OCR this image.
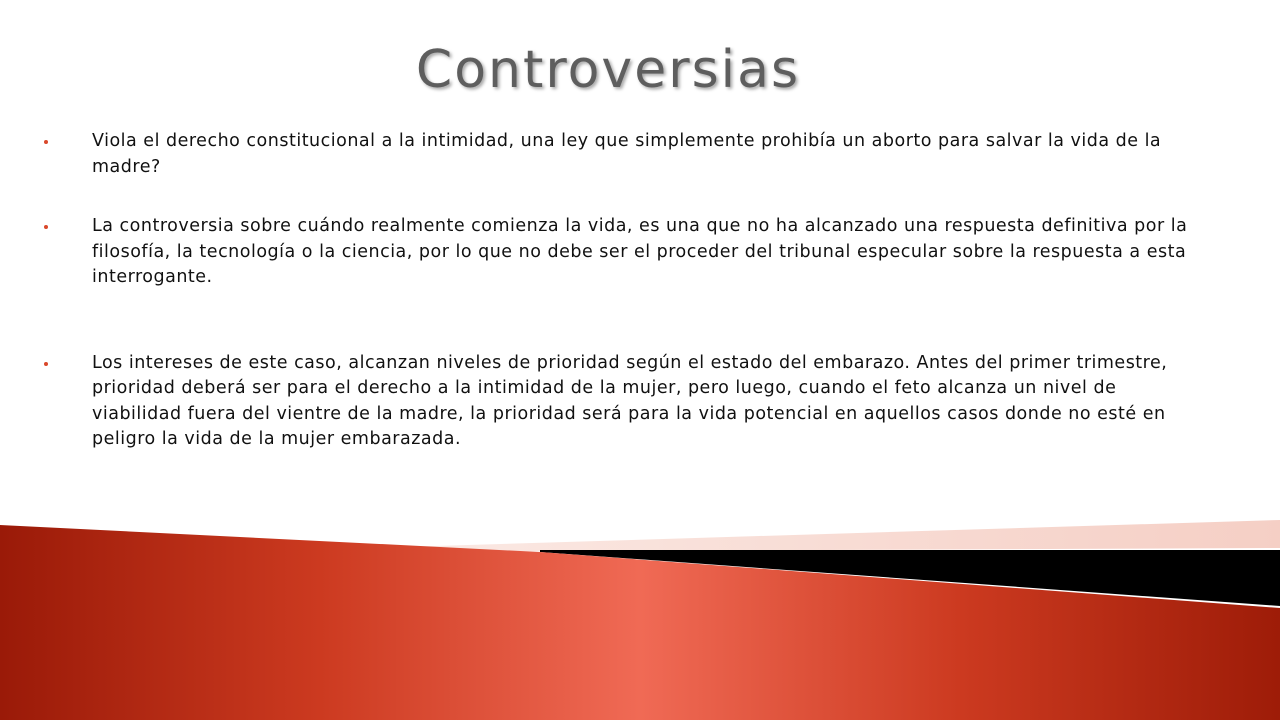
Controversias
Viola el derecho constitucional a la intimidad, una ley que simplemente prohibía un aborto para salvar la vida de la madre?
La controversia sobre cuándo realmente comienza la vida, es una que no ha alcanzado una respuesta definitiva por la filosofía, la tecnología o la ciencia, por lo que no debe ser el proceder del tribunal especular sobre la respuesta a esta interrogante.
Los intereses de este caso, alcanzan niveles de prioridad según el estado del embarazo. Antes del primer trimestre, prioridad deberá ser para el derecho a la intimidad de la mujer, pero luego, cuando el feto alcanza un nivel de viabilidad fuera del vientre de la madre, la prioridad será para la vida potencial en aquellos casos donde no esté en peligro la vida de la mujer embarazada.
